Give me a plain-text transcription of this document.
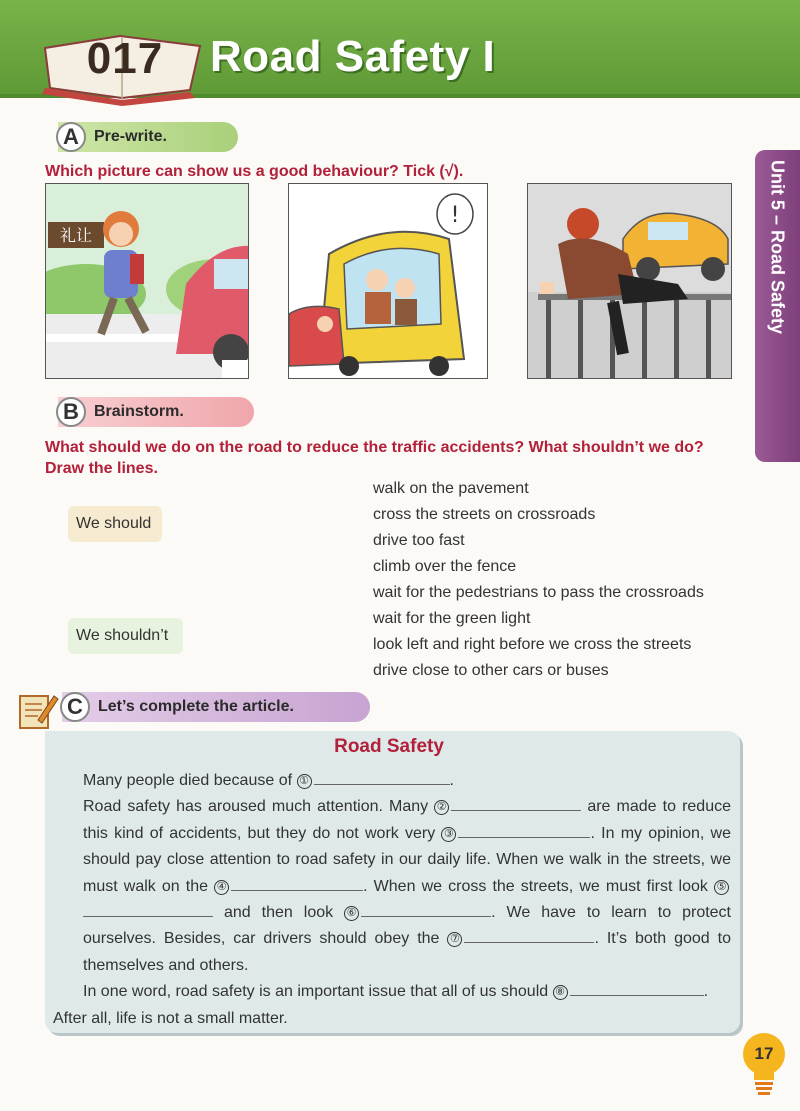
017 Road Safety I
Unit 5 – Road Safety
A Pre-write.
Which picture can show us a good behaviour? Tick (√).
礼让
!
B Brainstorm.
What should we do on the road to reduce the traffic accidents? What shouldn’t we do? Draw the lines.
We should
We shouldn’t
walk on the pavement
cross the streets on crossroads
drive too fast
climb over the fence
wait for the pedestrians to pass the crossroads
wait for the green light
look left and right before we cross the streets
drive close to other cars or buses
C Let’s complete the article.
Road Safety

Many people died because of ①	.

Road safety has aroused much attention. Many ②	are made to reduce this kind of accidents, but they do not work very ③	. In my opinion, we should pay close attention to road safety in our daily life. When we walk in the streets, we must walk on the ④	. When we cross the streets, we must first look ⑤ and then look ⑥	. We have to learn to protect ourselves. Besides, car drivers should obey the ⑦	. It’s both good to themselves and others.

In one word, road safety is an important issue that all of us should ⑧	.

After all, life is not a small matter.

17
